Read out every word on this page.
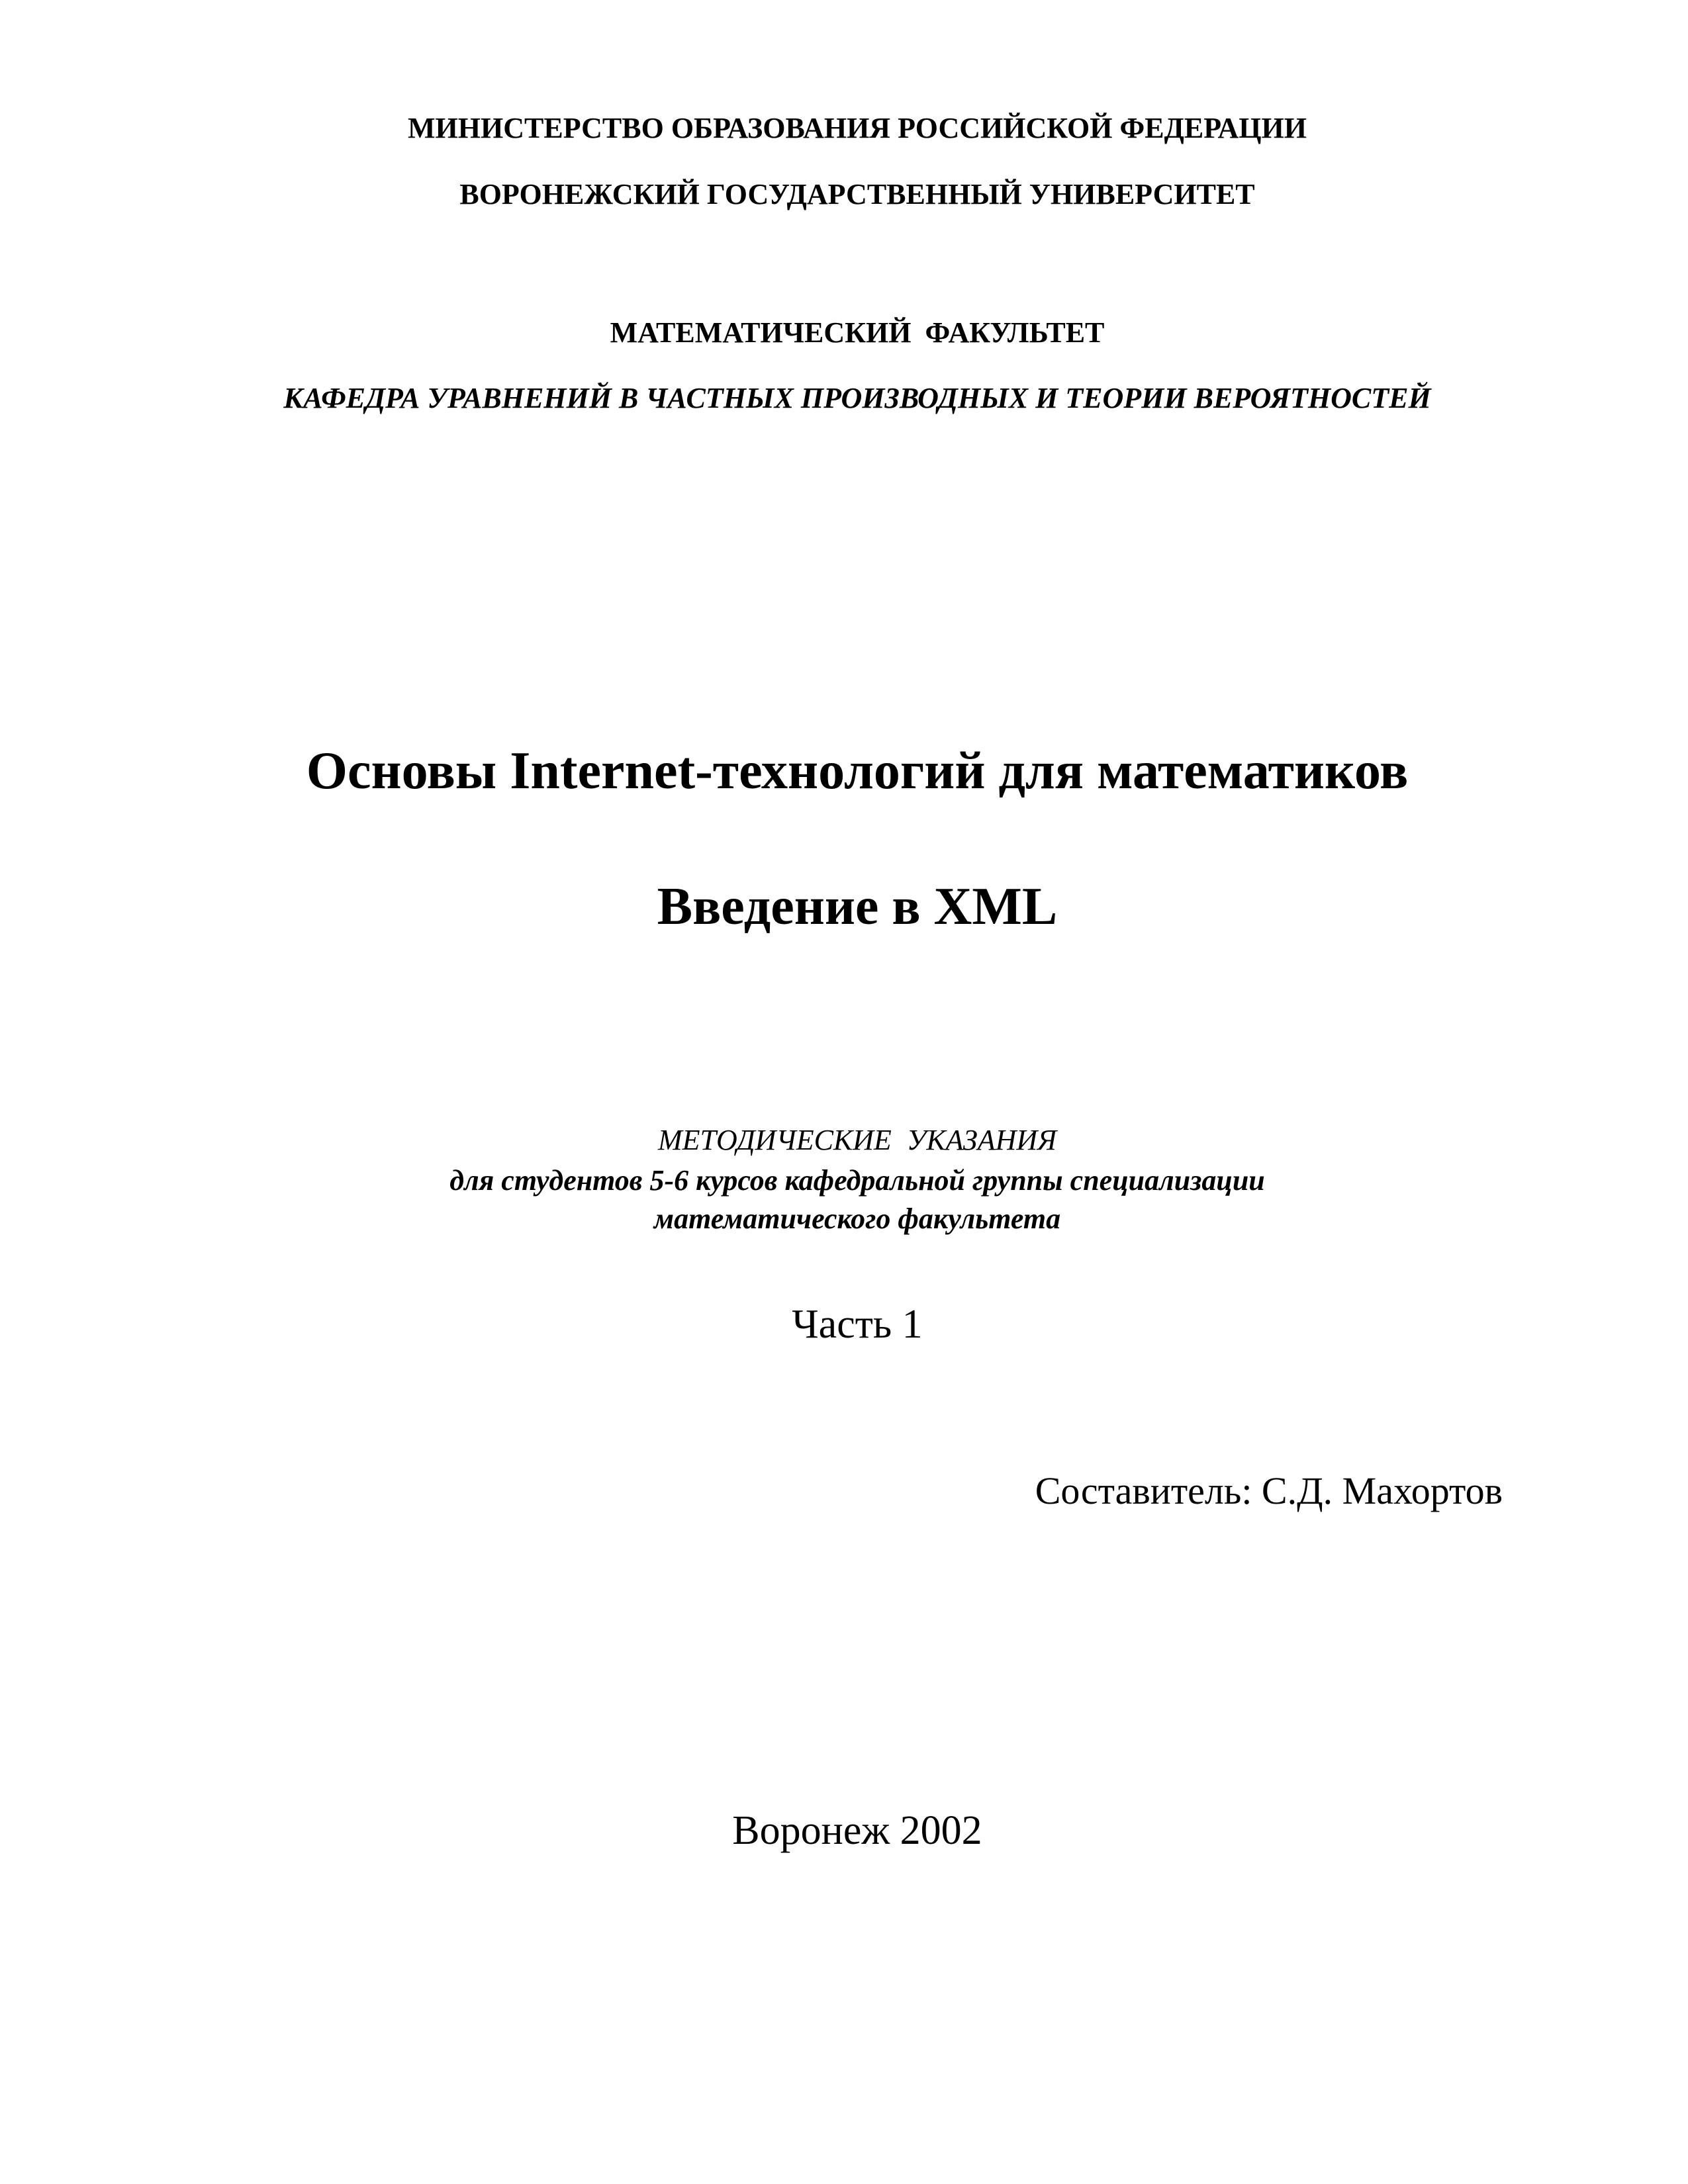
МИНИСТЕРСТВО ОБРАЗОВАНИЯ РОССИЙСКОЙ ФЕДЕРАЦИИ
ВОРОНЕЖСКИЙ ГОСУДАРСТВЕННЫЙ УНИВЕРСИТЕТ
МАТЕМАТИЧЕСКИЙ ФАКУЛЬТЕТ
КАФЕДРА УРАВНЕНИЙ В ЧАСТНЫХ ПРОИЗВОДНЫХ И ТЕОРИИ ВЕРОЯТНОСТЕЙ
Основы Internet-технологий для математиков
Введение в XML
МЕТОДИЧЕСКИЕ УКАЗАНИЯ
для студентов 5-6 курсов кафедральной группы специализации
математического факультета
Часть 1
Составитель: С.Д. Махортов
Воронеж 2002
